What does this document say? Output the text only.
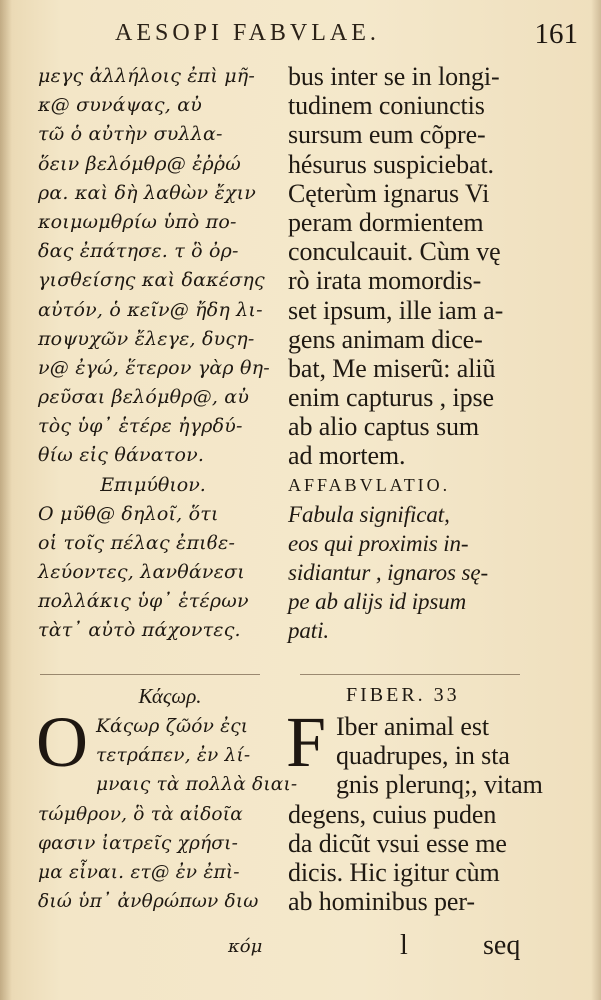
AESOPI FABVLAE.	161
μεγς ἀλλήλοις ἐπὶ μῆ-
κ@ συνάψας, αὐ
τῶ ὁ αὐτὴν συλλα-
ὅειν βελόμθρ@ ἐῤῥώ
ρα. καὶ δὴ λαθὼν ἔχιν
κοιμωμθρίω ὑπὸ πο-
δας ἐπάτησε. τ ὃ ὀρ-
γισθείσης καὶ δακέσης
αὐτόν, ὁ κεῖν@ ἤδη λι-
ποψυχῶν ἔλεγε, δυςη-
ν@ ἐγώ, ἕτερον γὰρ θη-
ρεῦσαι βελόμθρ@, αὐ
τὸς ὑφ᾽ ἑτέρε ἠγρδύ-
θίω εἰς θάνατον.
Επιμύθιον.
Ο μῦθ@ δηλοῖ, ὅτι
οἱ τοῖς πέλας ἐπιϐε-
λεύοντες, λανθάνεσι
πολλάκις ὑφ᾽ ἑτέρων
τὰτ᾽ αὐτὸ πάχοντες.
bus inter se in longi-
tudinem coniunctis
sursum eum cõpre-
hésurus suspiciebat.
Cęterùm ignarus Vi
peram dormientem
conculcauit. Cùm vę
rò irata momordis-
set ipsum, ille iam a-
gens animam dice-
bat, Me miserũ: aliũ
enim capturus , ipse
ab alio captus sum
ad mortem.
AFFABVLATIO.
Fabula significat,
eos qui proximis in-
sidiantur , ignaros sę-
pe ab alijs id ipsum
pati.
Κάςωρ.	FIBER. 33
O	F
Κάςωρ ζῶόν ἐςι
τετράπεν, ἐν λί-
μναις τὰ πολλὰ διαι-
τώμθρον, ὃ τὰ αἰδοῖα
φασιν ἰατρεῖς χρήσι-
μα εἶναι. ετ@ ἐν ἐπὶ-
διώ ὑπ᾽ ἀνθρώπων διω
κόμ
Iber animal est
quadrupes, in sta
gnis plerunq;, vitam
degens, cuius puden
da dicũt vsui esse me
dicis. Hic igitur cùm
ab hominibus per-
l	seq
